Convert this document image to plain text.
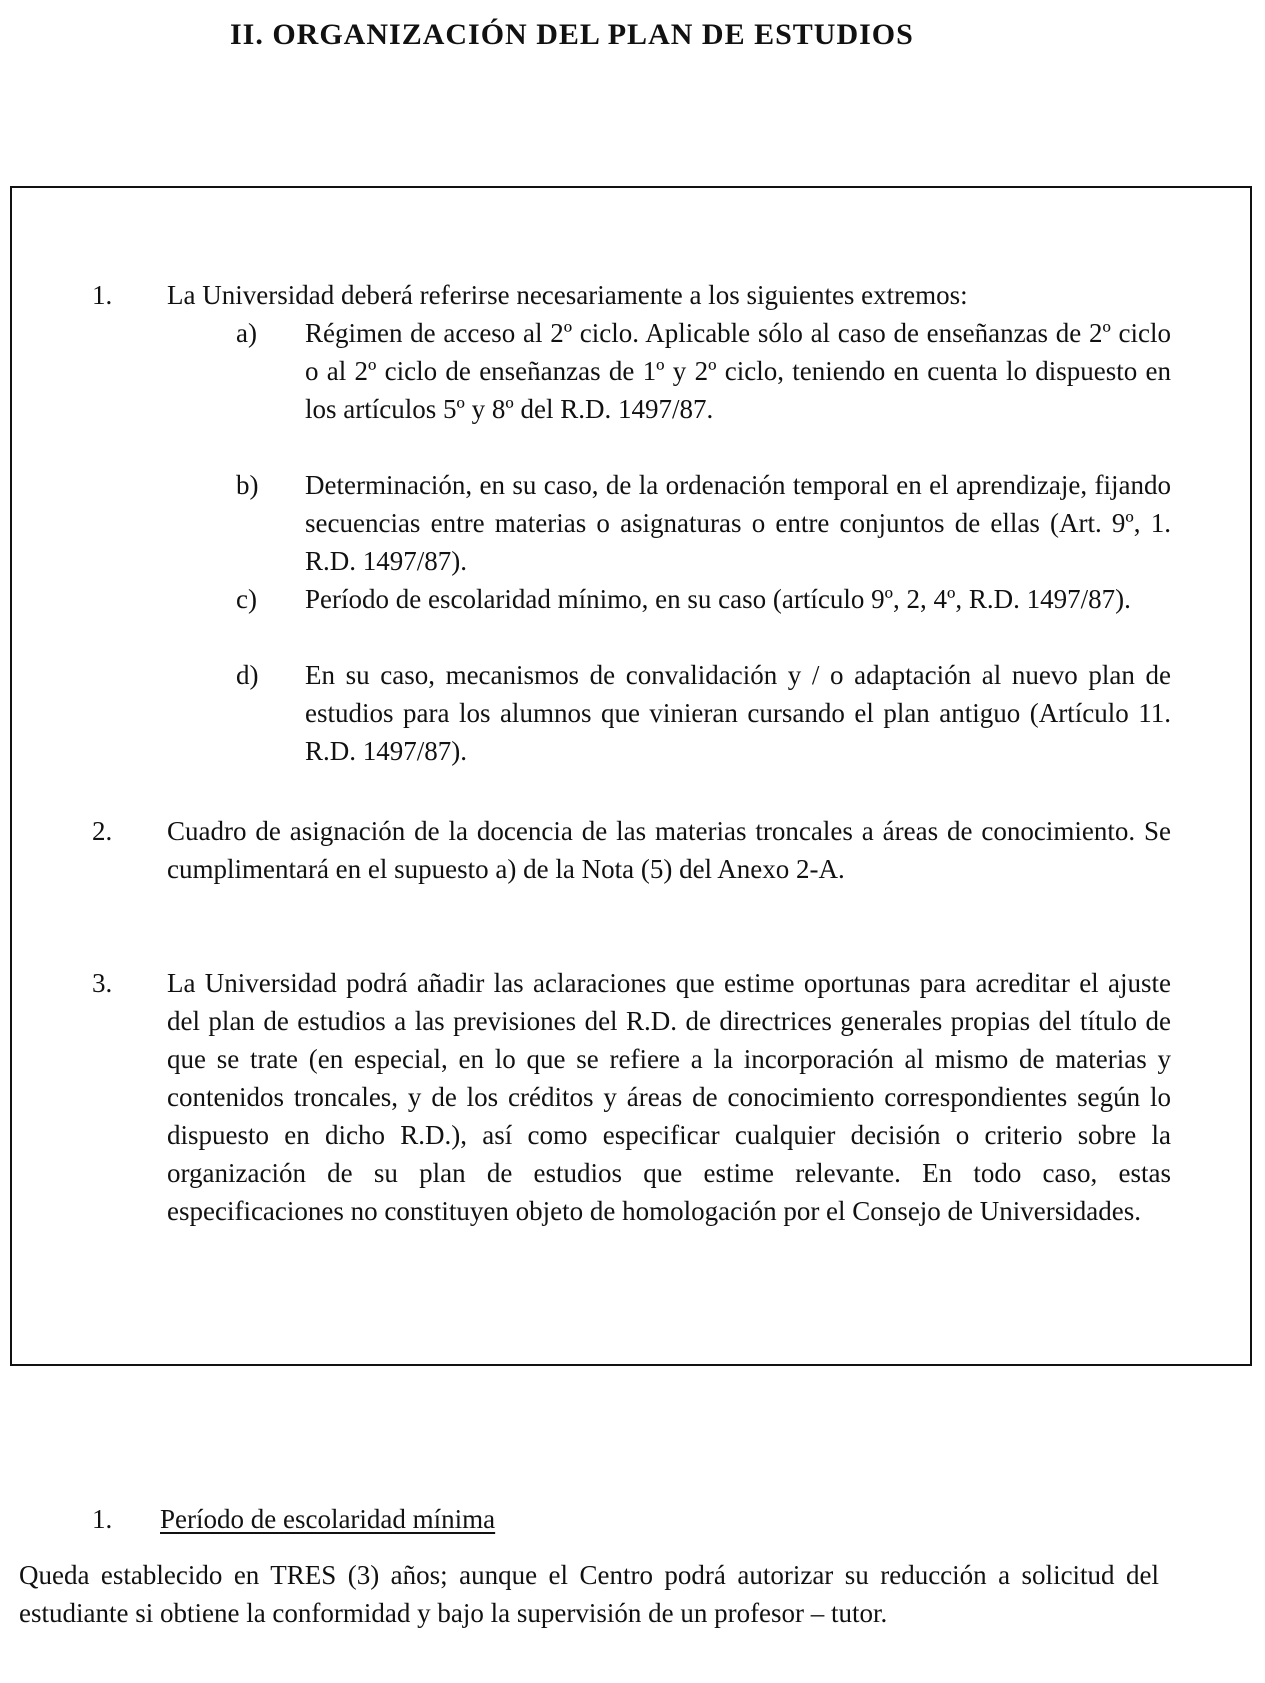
II. ORGANIZACIÓN DEL PLAN DE ESTUDIOS
1. La Universidad deberá referirse necesariamente a los siguientes extremos:
a) Régimen de acceso al 2º ciclo. Aplicable sólo al caso de enseñanzas de 2º ciclo o al 2º ciclo de enseñanzas de 1º y 2º ciclo, teniendo en cuenta lo dispuesto en los artículos 5º y 8º del R.D. 1497/87.
b) Determinación, en su caso, de la ordenación temporal en el aprendizaje, fijando secuencias entre materias o asignaturas o entre conjuntos de ellas (Art. 9º, 1. R.D. 1497/87).
c) Período de escolaridad mínimo, en su caso (artículo 9º, 2, 4º, R.D. 1497/87).
d) En su caso, mecanismos de convalidación y / o adaptación al nuevo plan de estudios para los alumnos que vinieran cursando el plan antiguo (Artículo 11. R.D. 1497/87).
2. Cuadro de asignación de la docencia de las materias troncales a áreas de conocimiento. Se cumplimentará en el supuesto a) de la Nota (5) del Anexo 2-A.
3. La Universidad podrá añadir las aclaraciones que estime oportunas para acreditar el ajuste del plan de estudios a las previsiones del R.D. de directrices generales propias del título de que se trate (en especial, en lo que se refiere a la incorporación al mismo de materias y contenidos troncales, y de los créditos y áreas de conocimiento correspondientes según lo dispuesto en dicho R.D.), así como especificar cualquier decisión o criterio sobre la organización de su plan de estudios que estime relevante. En todo caso, estas especificaciones no constituyen objeto de homologación por el Consejo de Universidades.
1. Período de escolaridad mínima
Queda establecido en TRES (3) años; aunque el Centro podrá autorizar su reducción a solicitud del estudiante si obtiene la conformidad y bajo la supervisión de un profesor – tutor.
